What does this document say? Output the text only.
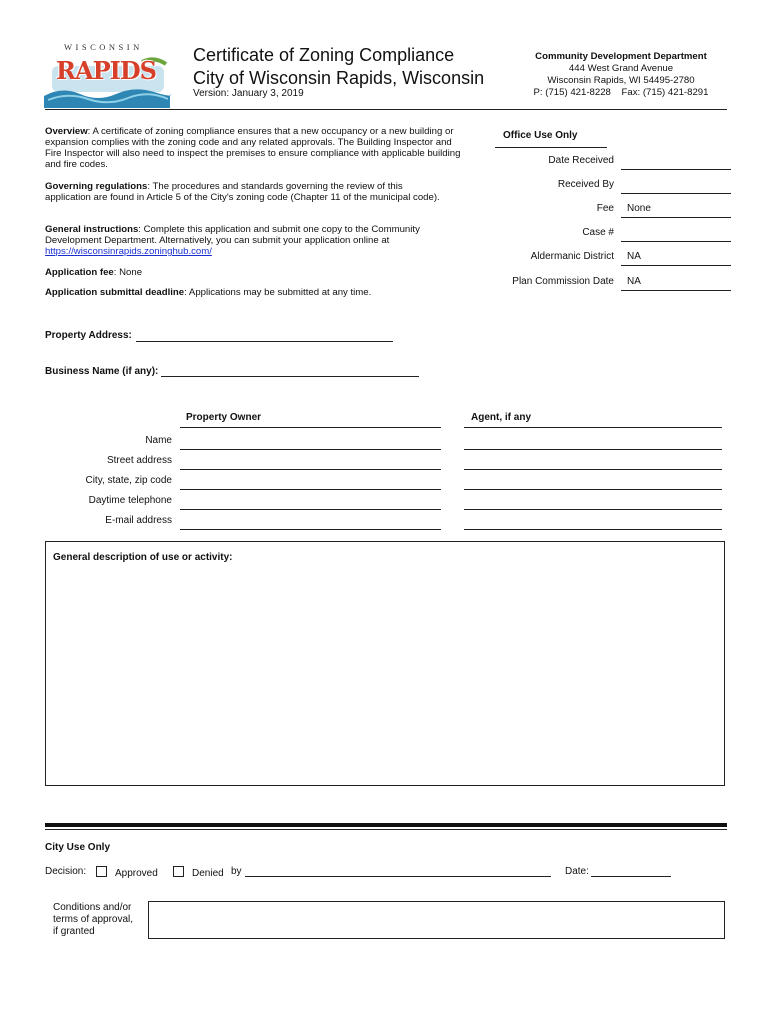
WISCONSIN
RAPIDS
Certificate of Zoning Compliance
City of Wisconsin Rapids, Wisconsin
Version: January 3, 2019
Community Development Department
444 West Grand Avenue
Wisconsin Rapids, WI 54495-2780
P: (715) 421-8228    Fax: (715) 421-8291
Overview: A certificate of zoning compliance ensures that a new occupancy or a new building or expansion complies with the zoning code and any related approvals. The Building Inspector and Fire Inspector will also need to inspect the premises to ensure compliance with applicable building and fire codes.
Governing regulations: The procedures and standards governing the review of this application are found in Article 5 of the City's zoning code (Chapter 11 of the municipal code).
General instructions: Complete this application and submit one copy to the Community Development Department. Alternatively, you can submit your application online at
https://wisconsinrapids.zoninghub.com/
Application fee: None
Application submittal deadline: Applications may be submitted at any time.
Office Use Only
Date Received
Received By
Fee None
Case #
Aldermanic District NA
Plan Commission Date NA
Property Address:
Business Name (if any):
Property Owner	Agent, if any
Name
Street address
City, state, zip code
Daytime telephone
E-mail address
General description of use or activity:
City Use Only
Decision:	Approved	Denied by	Date:
Conditions and/or terms of approval, if granted
